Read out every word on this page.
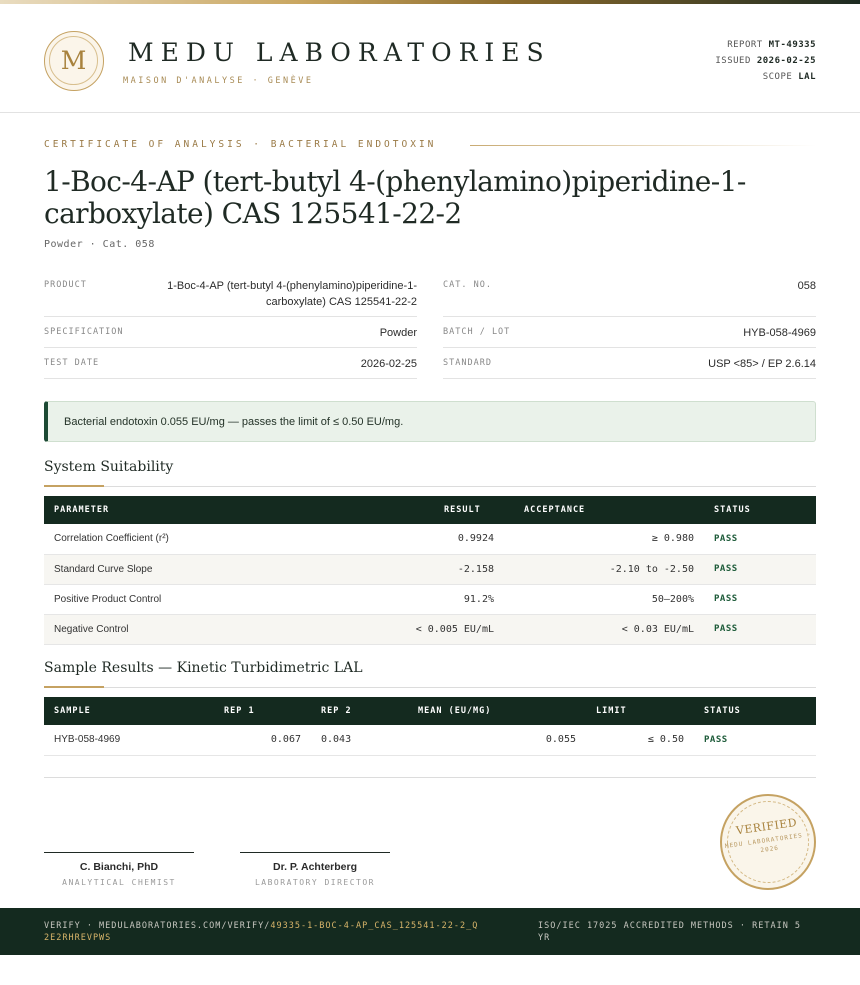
M MEDU LABORATORIES
MAISON D'ANALYSE · GENÈVE
REPORT MT-49335
ISSUED 2026-02-25
SCOPE LAL
CERTIFICATE OF ANALYSIS · BACTERIAL ENDOTOXIN
1-Boc-4-AP (tert-butyl 4-(phenylamino)piperidine-1-carboxylate) CAS 125541-22-2
Powder · Cat. 058
PRODUCT	1-Boc-4-AP (tert-butyl 4-(phenylamino)piperidine-1-carboxylate) CAS 125541-22-2
SPECIFICATION	Powder
TEST DATE	2026-02-25
CAT. NO.	058
BATCH / LOT	HYB-058-4969
STANDARD	USP <85> / EP 2.6.14
Bacterial endotoxin 0.055 EU/mg — passes the limit of ≤ 0.50 EU/mg.
System Suitability
PARAMETER	RESULT	ACCEPTANCE	STATUS
Correlation Coefficient (r²)	0.9924	≥ 0.980	PASS
Standard Curve Slope	-2.158	-2.10 to -2.50	PASS
Positive Product Control	91.2%	50–200%	PASS
Negative Control	< 0.005 EU/mL	< 0.03 EU/mL	PASS
Sample Results — Kinetic Turbidimetric LAL
SAMPLE	REP 1	REP 2	MEAN (EU/MG)	LIMIT	STATUS
HYB-058-4969	0.067	0.043	0.055	≤ 0.50	PASS
C. Bianchi, PhD
ANALYTICAL CHEMIST
Dr. P. Achterberg
LABORATORY DIRECTOR
VERIFIED
MEDU LABORATORIES · 2026
VERIFY · MEDULABORATORIES.COM/VERIFY/49335-1-BOC-4-AP_CAS_125541-22-2_Q2E2RHREVPWS
ISO/IEC 17025 ACCREDITED METHODS · RETAIN 5 YR
